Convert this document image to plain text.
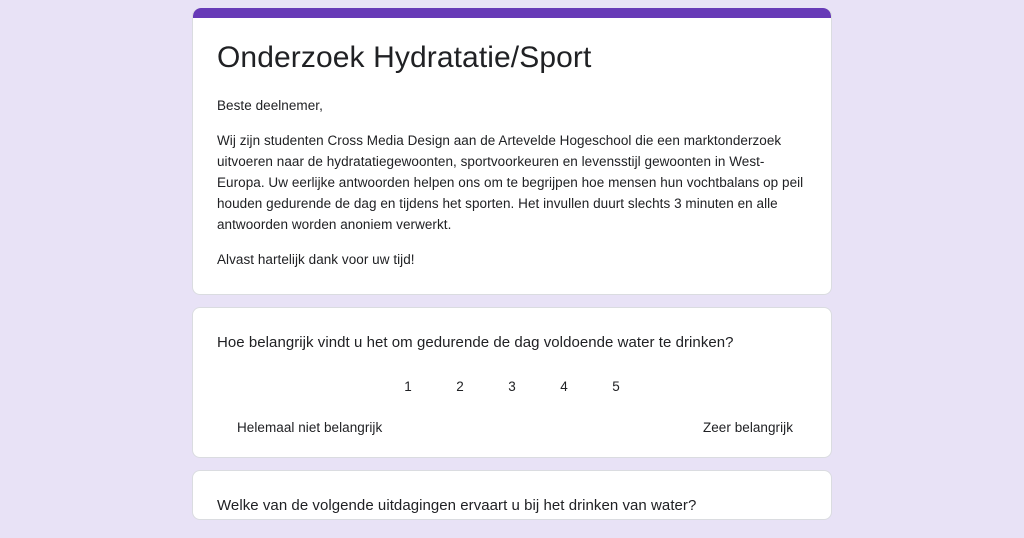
Onderzoek Hydratatie/Sport

Beste deelnemer,

Wij zijn studenten Cross Media Design aan de Artevelde Hogeschool die een marktonderzoek uitvoeren naar de hydratatiegewoonten, sportvoorkeuren en levensstijl gewoonten in West-Europa. Uw eerlijke antwoorden helpen ons om te begrijpen hoe mensen hun vochtbalans op peil houden gedurende de dag en tijdens het sporten. Het invullen duurt slechts 3 minuten en alle antwoorden worden anoniem verwerkt.

Alvast hartelijk dank voor uw tijd!

Hoe belangrijk vindt u het om gedurende de dag voldoende water te drinken?
1	2	3	4	5
Helemaal niet belangrijk	Zeer belangrijk
Welke van de volgende uitdagingen ervaart u bij het drinken van water?
